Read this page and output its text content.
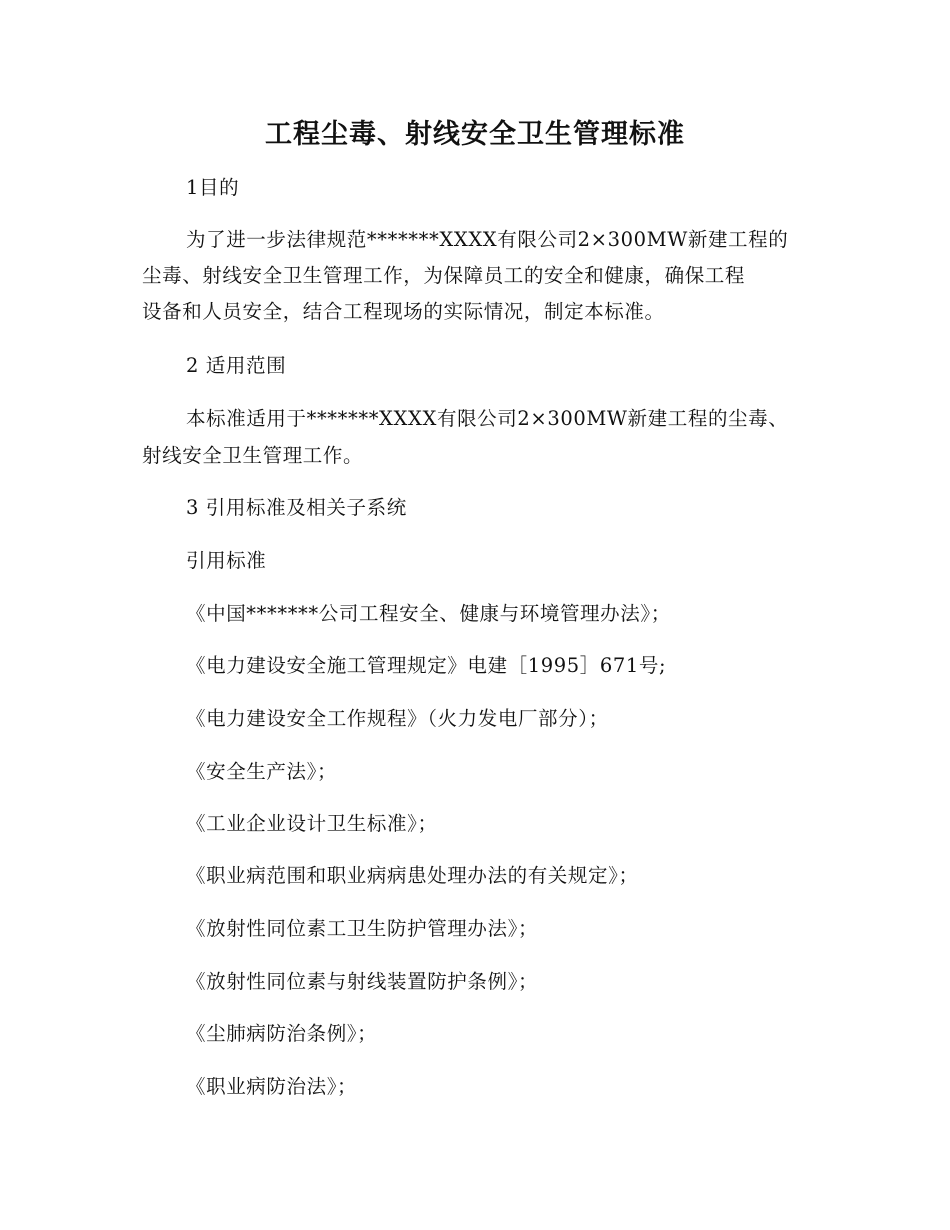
工程尘毒、射线安全卫生管理标准

1目的

为了进一步法律规范*******XXXX有限公司2×300MW新建工程的

尘毒、射线安全卫生管理工作，为保障员工的安全和健康，确保工程

设备和人员安全，结合工程现场的实际情况，制定本标准。

2 适用范围

本标准适用于*******XXXX有限公司2×300MW新建工程的尘毒、

射线安全卫生管理工作。

3 引用标准及相关子系统

引用标准

《中国*******公司工程安全、健康与环境管理办法》；

《电力建设安全施工管理规定》电建［1995］671号;

《电力建设安全工作规程》（火力发电厂部分）；

《安全生产法》；

《工业企业设计卫生标准》；

《职业病范围和职业病病患处理办法的有关规定》；

《放射性同位素工卫生防护管理办法》；

《放射性同位素与射线装置防护条例》；

《尘肺病防治条例》；

《职业病防治法》；
